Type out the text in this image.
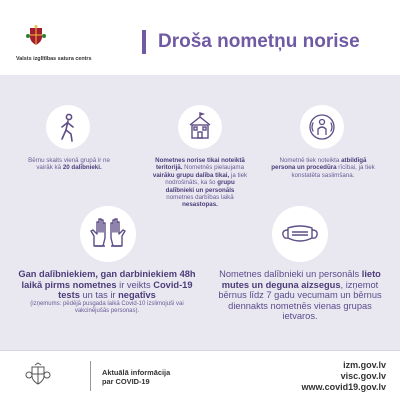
Valsts izglītības satura centrs
Droša nometņu norise
Bērnu skaits vienā grupā ir ne vairāk kā 20 dalībnieki.
Nometnes norise tikai noteiktā teritorijā. Nometnēs pielaujama vairāku grupu dalība tikai, ja tiek nodrošināts, ka šo grupu dalībnieki un personāls nometnes darbības laikā nesastopas.
Nometnē tiek noteikta atbildīgā persona un procedūra rīcībai, ja tiek konstatēta saslimšana.
Gan dalībniekiem, gan darbiniekiem 48h laikā pirms nometnes ir veikts Covid-19 tests un tas ir negatīvs
(izņemums: pēdējā pusgada laikā Covid-10 izslimojuši vai vakcinējušās personas).
Nometnes dalībnieki un personāls lieto mutes un deguna aizsegus, izņemot bērnus līdz 7 gadu vecumam un bērnus diennakts nometnēs vienas grupas ietvaros.
Aktuālā informācija
par COVID-19
izm.gov.lv
visc.gov.lv
www.covid19.gov.lv
